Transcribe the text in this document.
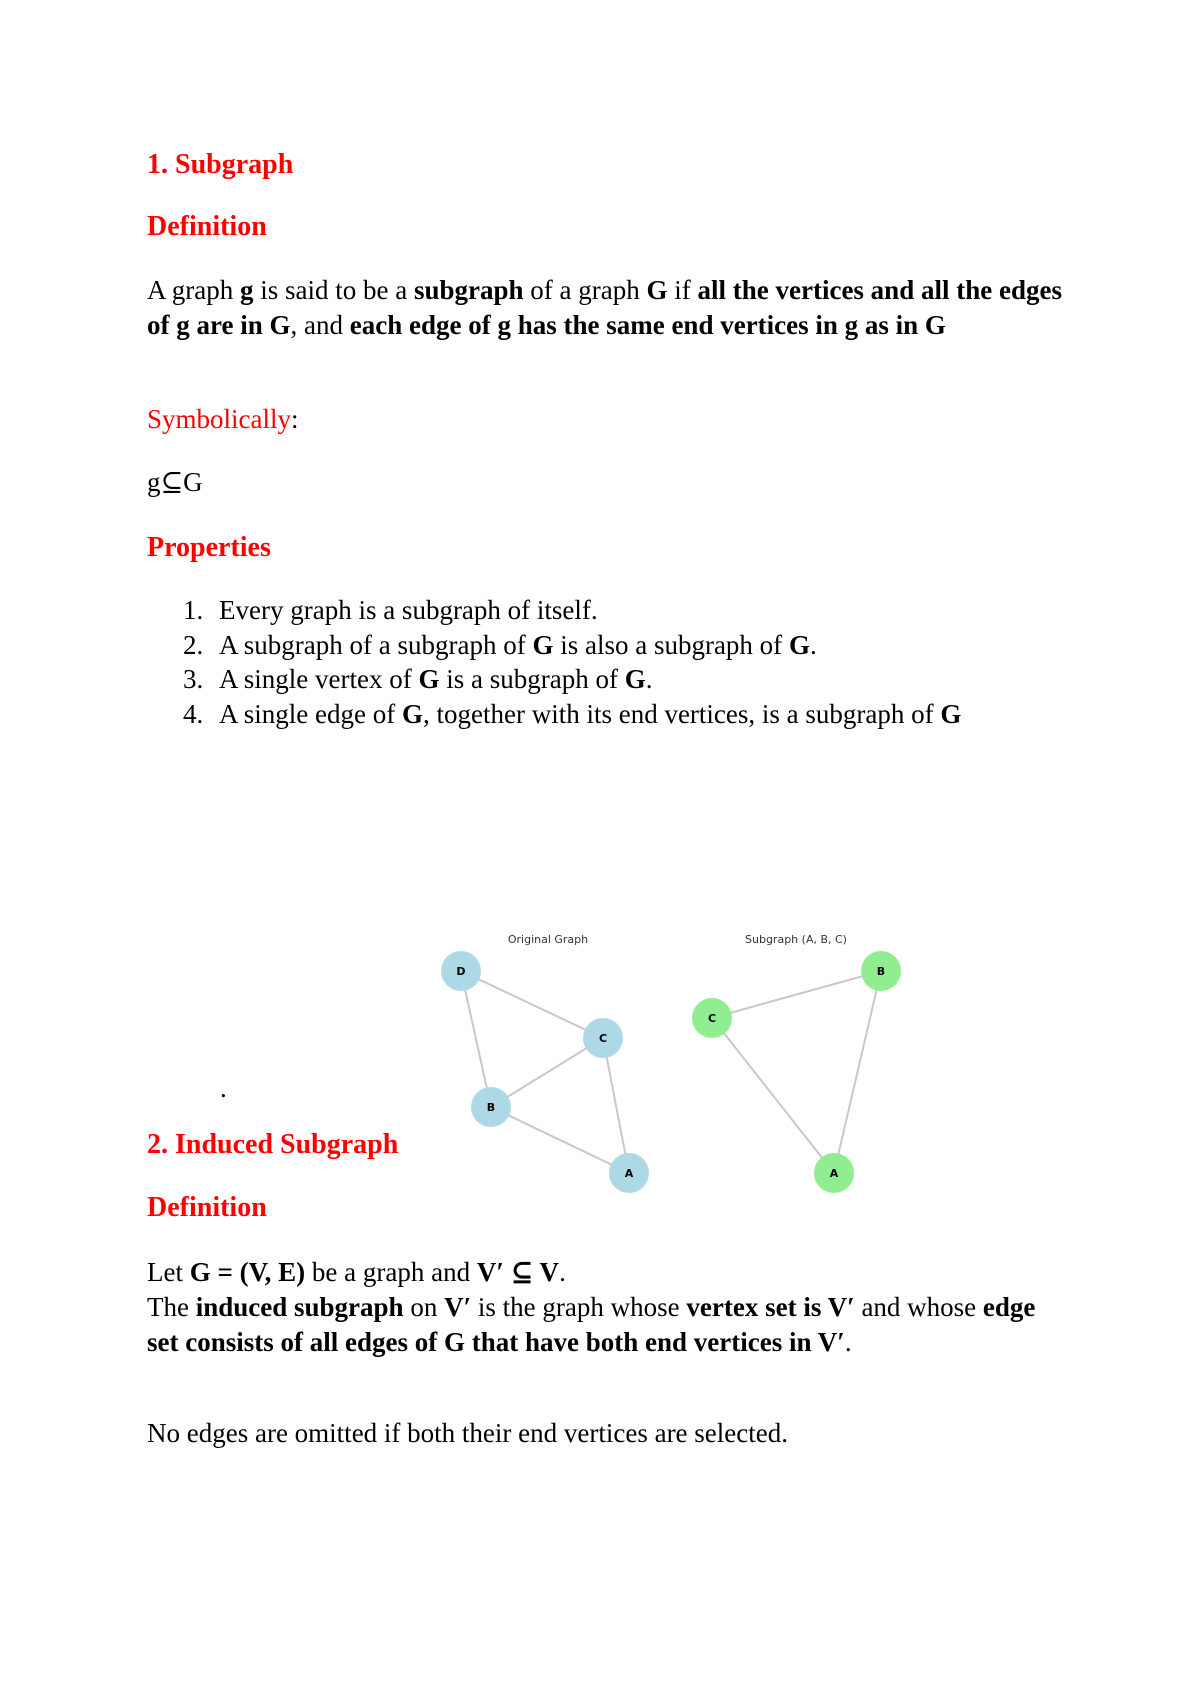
1. Subgraph
Definition

A graph g is said to be a subgraph of a graph G if all the vertices and all the edges of g are in G, and each edge of g has the same end vertices in g as in G

Symbolically:

g⊆G

Properties
1. Every graph is a subgraph of itself.
2. A subgraph of a subgraph of G is also a subgraph of G.
3. A single vertex of G is a subgraph of G.
4. A single edge of G, together with its end vertices, is a subgraph of G
Original Graph	Subgraph (A, B, C)
D
C
B
A
B
C
A
.
2. Induced Subgraph
Definition

Let G = (V, E) be a graph and V′ ⊆ V.

The induced subgraph on V′ is the graph whose vertex set is V′ and whose edge set consists of all edges of G that have both end vertices in V′.

No edges are omitted if both their end vertices are selected.
